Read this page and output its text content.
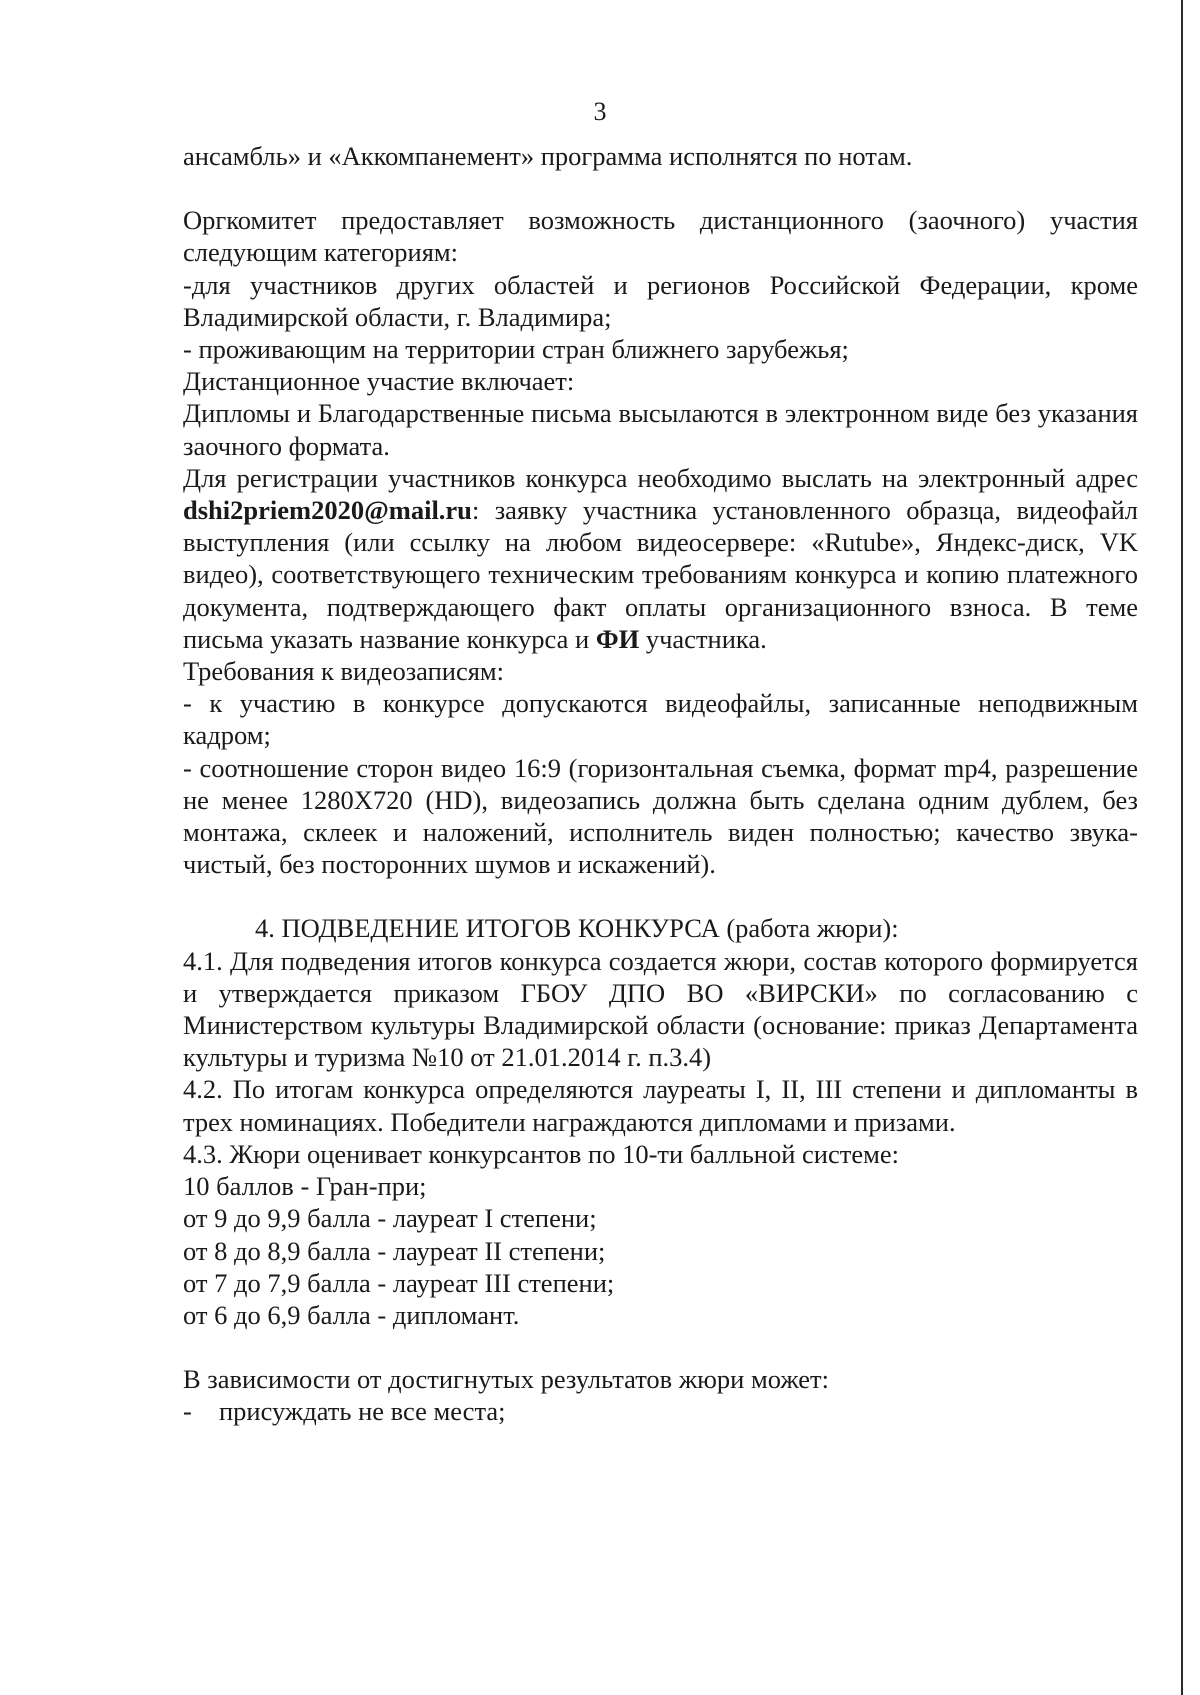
3

ансамбль» и «Аккомпанемент» программа исполнятся по нотам.

Оргкомитет предоставляет возможность дистанционного (заочного) участия следующим категориям:

-для участников других областей и регионов Российской Федерации, кроме Владимирской области, г. Владимира;

- проживающим на территории стран ближнего зарубежья;

Дистанционное участие включает:

Дипломы и Благодарственные письма высылаются в электронном виде без указания заочного формата.

Для регистрации участников конкурса необходимо выслать на электронный адрес dshi2priem2020@mail.ru: заявку участника установленного образца, видеофайл выступления (или ссылку на любом видеосервере: «Rutube», Яндекс-диск, VK видео), соответствующего техническим требованиям конкурса и копию платежного документа, подтверждающего факт оплаты организационного взноса. В теме письма указать название конкурса и ФИ участника.

Требования к видеозаписям:

- к участию в конкурсе допускаются видеофайлы, записанные неподвижным кадром;

- соотношение сторон видео 16:9 (горизонтальная съемка, формат mp4, разрешение не менее 1280Х720 (HD), видеозапись должна быть сделана одним дублем, без монтажа, склеек и наложений, исполнитель виден полностью; качество звука-чистый, без посторонних шумов и искажений).

4. ПОДВЕДЕНИЕ ИТОГОВ КОНКУРСА (работа жюри):

4.1. Для подведения итогов конкурса создается жюри, состав которого формируется и утверждается приказом ГБОУ ДПО ВО «ВИРСКИ» по согласованию с Министерством культуры Владимирской области (основание: приказ Департамента культуры и туризма №10 от 21.01.2014 г. п.3.4)

4.2. По итогам конкурса определяются лауреаты I, II, III степени и дипломанты в трех номинациях. Победители награждаются дипломами и призами.

4.3. Жюри оценивает конкурсантов по 10-ти балльной системе:

10 баллов - Гран-при;

от 9 до 9,9 балла - лауреат I степени;

от 8 до 8,9 балла - лауреат II степени;

от 7 до 7,9 балла - лауреат III степени;

от 6 до 6,9 балла - дипломант.

В зависимости от достигнутых результатов жюри может:

-	присуждать не все места;
